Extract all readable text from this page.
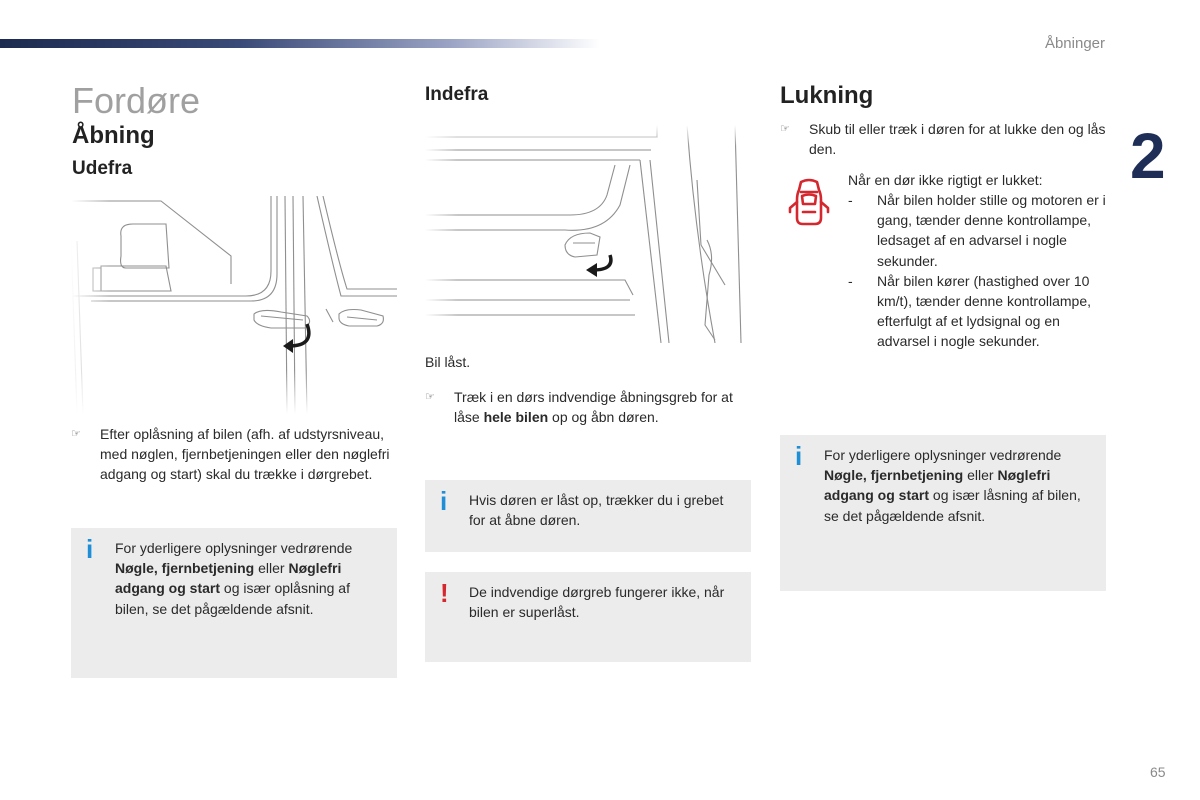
Åbninger
2
65
Fordøre
Åbning
Udefra
☞	Efter oplåsning af bilen (afh. af udstyrsniveau, med nøglen, fjernbetjeningen eller den nøglefri adgang og start) skal du trække i dørgrebet.
i For yderligere oplysninger vedrørende Nøgle, fjernbetjening eller Nøglefri adgang og start og især oplåsning af bilen, se det pågældende afsnit.
Indefra
Bil låst.
☞	Træk i en dørs indvendige åbningsgreb for at låse hele bilen op og åbn døren.
i Hvis døren er låst op, trækker du i grebet for at åbne døren.
! De indvendige dørgreb fungerer ikke, når bilen er superlåst.
Lukning
☞	Skub til eller træk i døren for at lukke den og lås den.
Når en dør ikke rigtigt er lukket:
-	Når bilen holder stille og motoren er i gang, tænder denne kontrollampe, ledsaget af en advarsel i nogle sekunder.
-	Når bilen kører (hastighed over 10 km/t), tænder denne kontrollampe, efterfulgt af et lydsignal og en advarsel i nogle sekunder.
i For yderligere oplysninger vedrørende Nøgle, fjernbetjening eller Nøglefri adgang og start og især låsning af bilen, se det pågældende afsnit.
